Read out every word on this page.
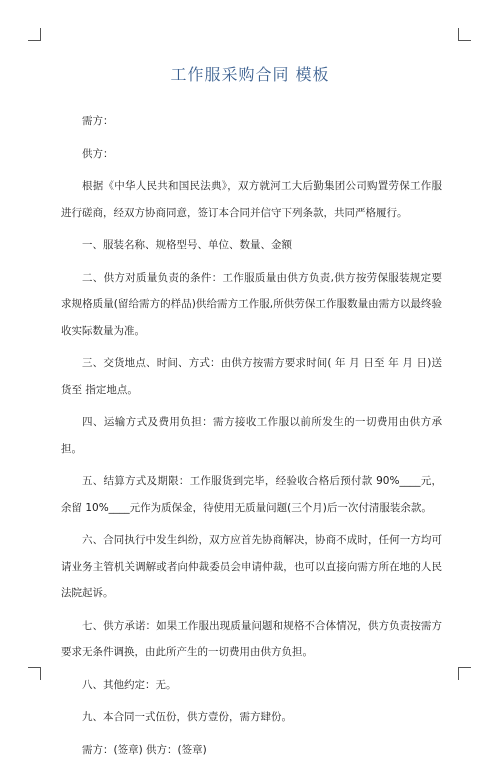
工作服采购合同 模板

需方：

供方：

根据《中华人民共和国民法典》，双方就河工大后勤集团公司购置劳保工作服进行磋商，经双方协商同意，签订本合同并信守下列条款，共同严格履行。

一、服装名称、规格型号、单位、数量、金额

二、供方对质量负责的条件：工作服质量由供方负责,供方按劳保服装规定要求规格质量(留给需方的样品)供给需方工作服,所供劳保工作服数量由需方以最终验收实际数量为准。

三、交货地点、时间、方式：由供方按需方要求时间( 年 月 日至 年 月 日)送货至 指定地点。

四、运输方式及费用负担：需方接收工作服以前所发生的一切费用由供方承担。

五、结算方式及期限：工作服货到完毕，经验收合格后预付款 90%____元，余留 10%____元作为质保金，待使用无质量问题(三个月)后一次付清服装余款。

六、合同执行中发生纠纷，双方应首先协商解决，协商不成时，任何一方均可请业务主管机关调解或者向仲裁委员会申请仲裁，也可以直接向需方所在地的人民法院起诉。

七、供方承诺：如果工作服出现质量问题和规格不合体情况，供方负责按需方要求无条件调换，由此所产生的一切费用由供方负担。

八、其他约定：无。

九、本合同一式伍份，供方壹份，需方肆份。

需方：(签章) 供方：(签章)
